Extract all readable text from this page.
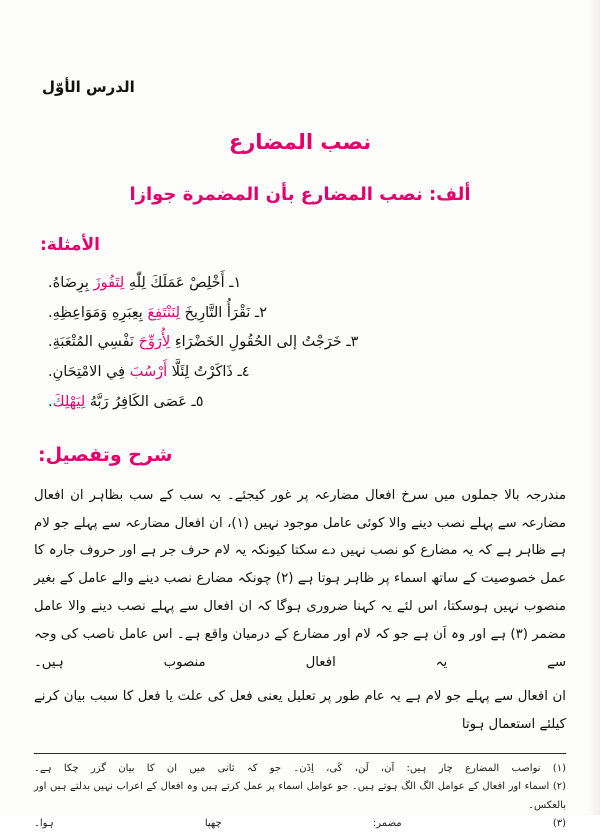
الدرس الأوّل
نصب المضارع
ألف: نصب المضارع بأن المضمرة جوازا
الأمثلة:
١ـ أَخْلِصْ عَمَلَكَ لِلّٰهِ لِتَفُوزَ بِرِضَاهُ.
٢ـ نَقْرَأُ التَّارِيخَ لِنَنْتَفِعَ بِعِبَرِهِ وَمَوَاعِظِهِ.
٣ـ خَرَجْتُ إلى الحُقُولِ الخَضْرَاءِ لِأُرَوِّحَ نَفْسِي المُتْعَبَةِ.
٤ـ ذَاكَرْتُ لِئَلَّا أَرْسُبَ فِي الامْتِحَانِ.
٥ـ عَصَى الكَافِرُ رَبَّهُ لِيَهْلِكَ.
شرح وتفصیل:

مندرجہ بالا جملوں میں سرخ افعال مضارعہ پر غور کیجئے۔ یہ سب کے سب بظاہر ان افعال مضارعہ سے پہلے نصب دینے والا کوئی عامل موجود نہیں (١)، ان افعال مضارعہ سے پہلے جو لام ہے ظاہر ہے کہ یہ مضارع کو نصب نہیں دے سکتا کیونکہ یہ لام حرف جر ہے اور حروف جارہ کا عمل خصوصیت کے ساتھ اسماء پر ظاہر ہوتا ہے (٢) چونکہ مضارع نصب دینے والے عامل کے بغیر منصوب نہیں ہوسکتا، اس لئے یہ کہنا ضروری ہوگا کہ ان افعال سے پہلے نصب دینے والا عامل مضمر (٣) ہے اور وہ اَن ہے جو کہ لام اور مضارع کے درمیان واقع ہے۔ اس عامل ناصب کی وجہ سے یہ افعال منصوب ہیں۔

ان افعال سے پہلے جو لام ہے یہ عام طور پر تعلیل یعنی فعل کی علت یا فعل کا سبب بیان کرنے کیلئے استعمال ہوتا

(١) نواصب المضارع چار ہیں: اَن، لَن، کَی، اِذَن۔ جو کہ ثانی میں ان کا بیان گزر چکا ہے۔
(٢) اسماء اور افعال کے عوامل الگ الگ ہوتے ہیں۔ جو عوامل اسماء پر عمل کرتے ہیں وہ افعال کے اعراب نہیں بدلتے ہیں اور بالعکس۔
(٣) مضمر: چھپا ہوا۔
